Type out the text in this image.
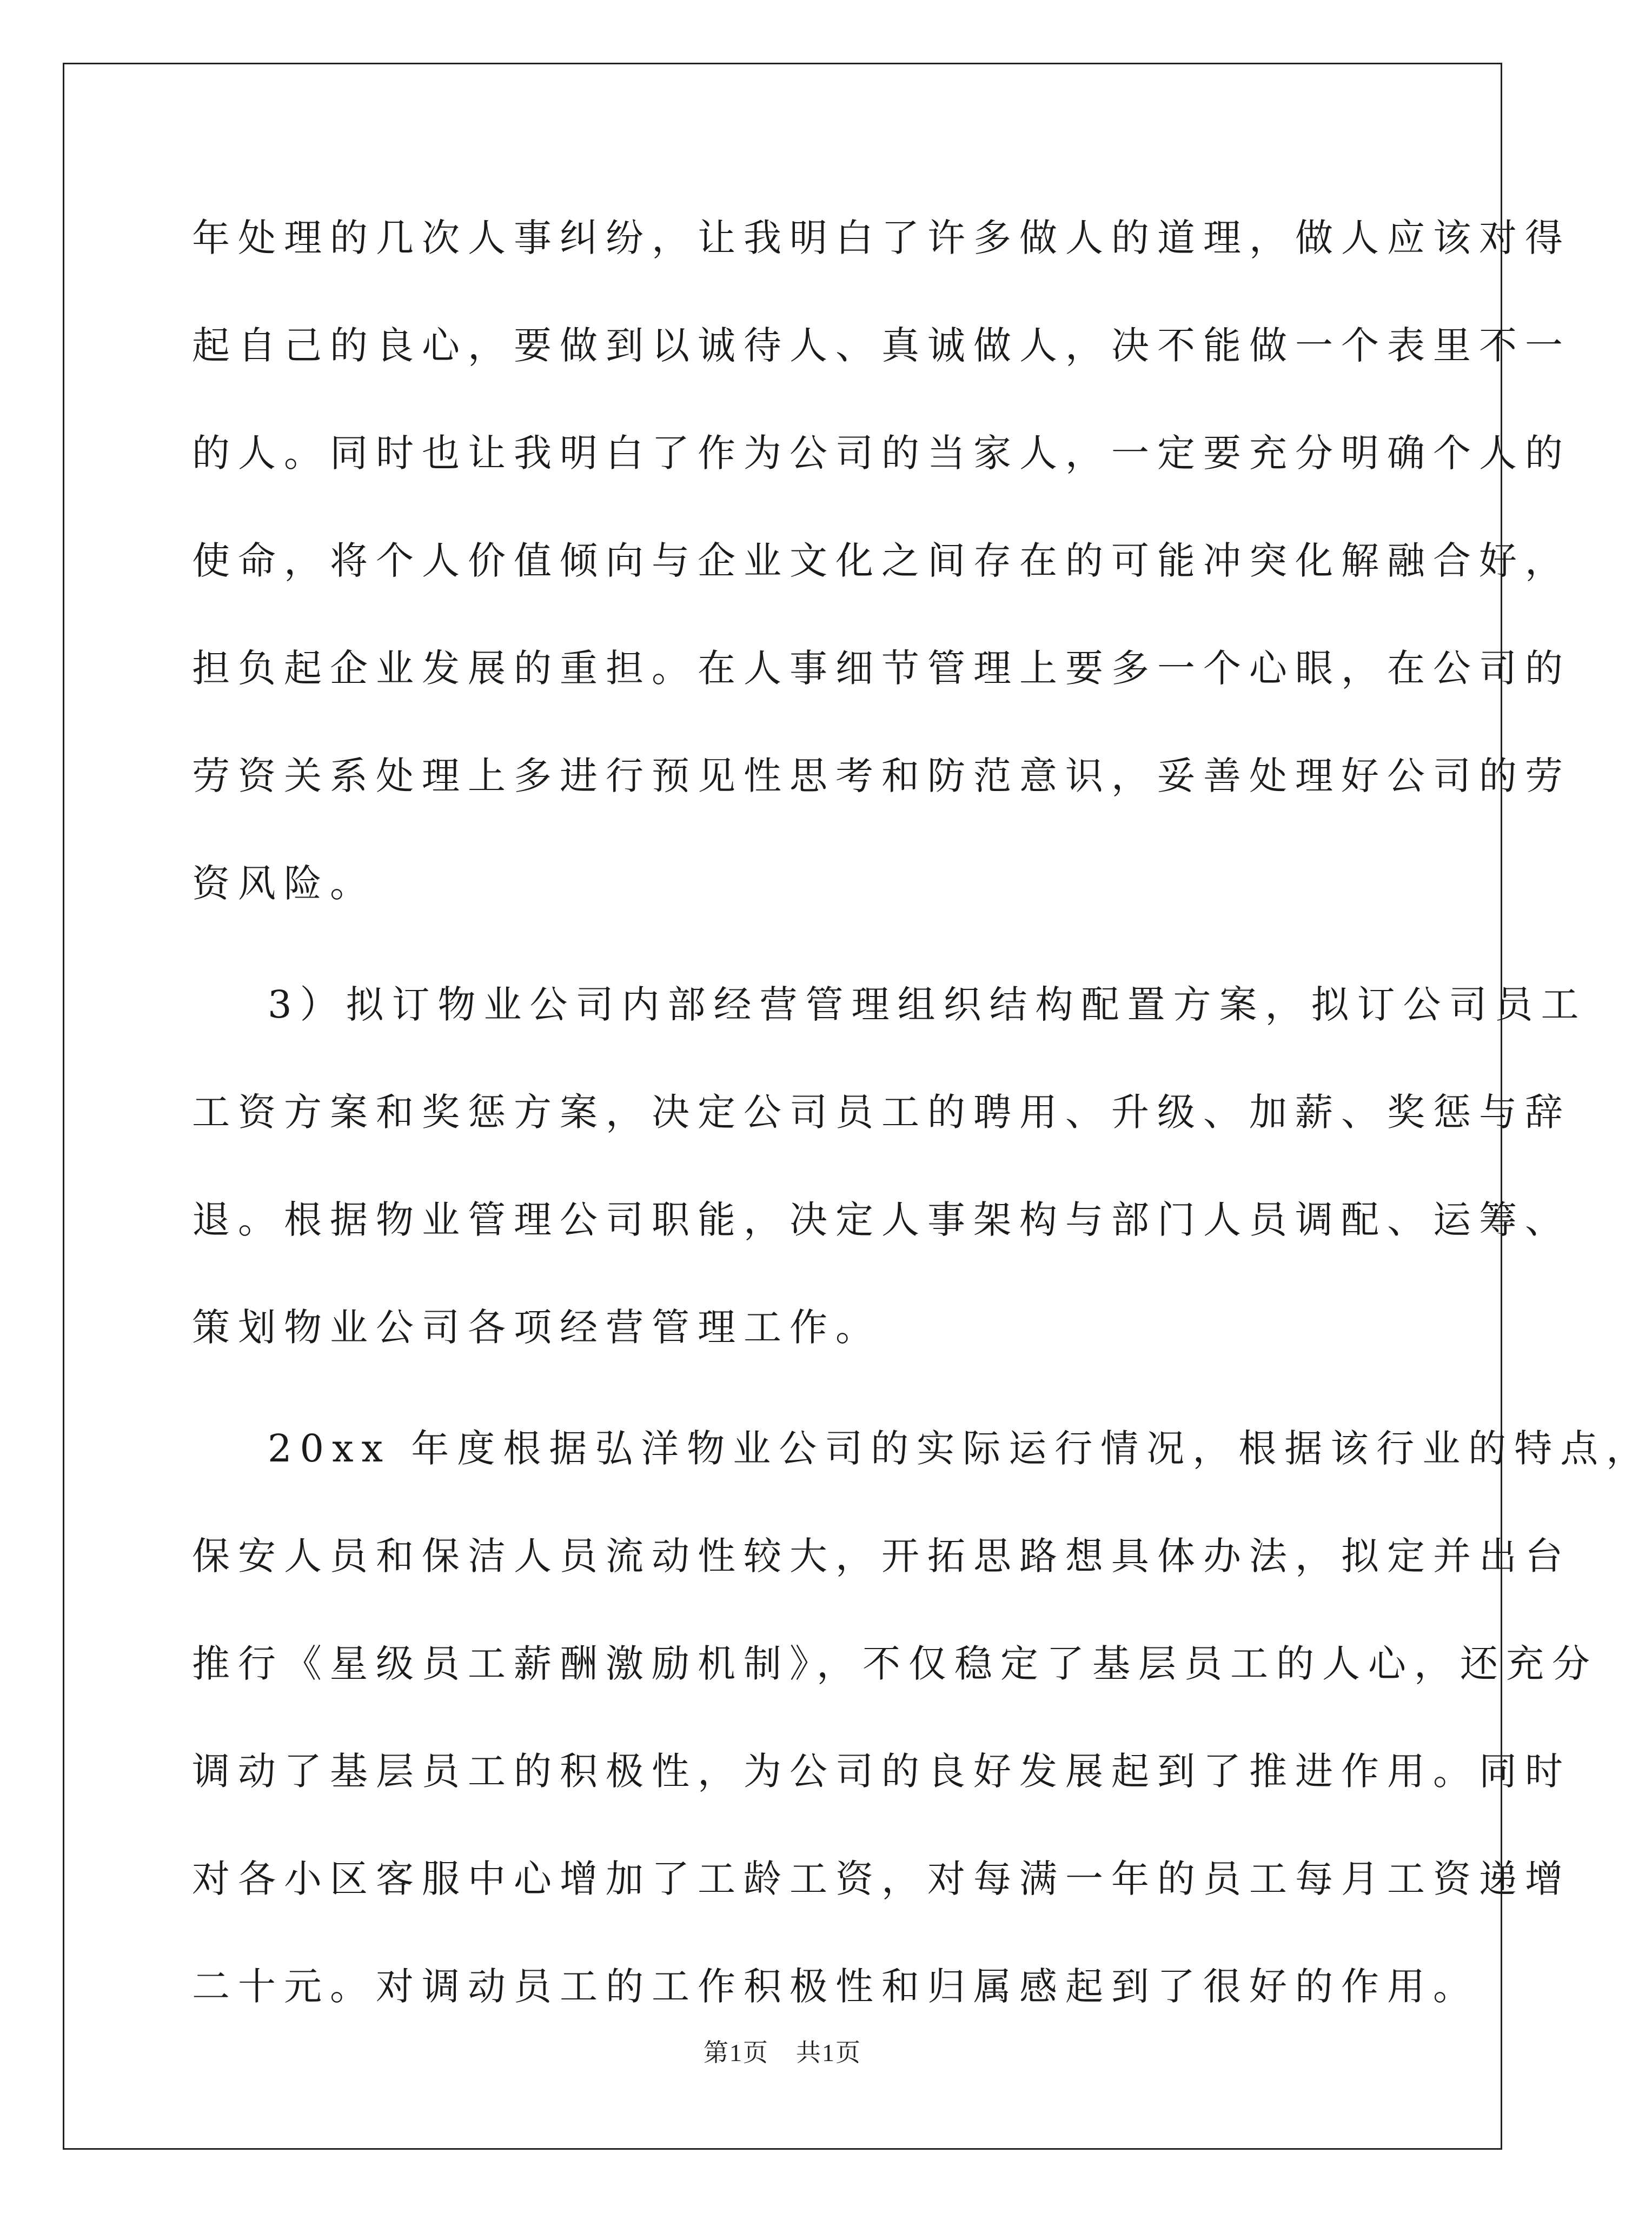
年处理的几次人事纠纷，让我明白了许多做人的道理，做人应该对得
起自己的良心，要做到以诚待人、真诚做人，决不能做一个表里不一
的人。同时也让我明白了作为公司的当家人，一定要充分明确个人的
使命，将个人价值倾向与企业文化之间存在的可能冲突化解融合好，
担负起企业发展的重担。在人事细节管理上要多一个心眼，在公司的
劳资关系处理上多进行预见性思考和防范意识，妥善处理好公司的劳
资风险。
3）拟订物业公司内部经营管理组织结构配置方案，拟订公司员工
工资方案和奖惩方案，决定公司员工的聘用、升级、加薪、奖惩与辞
退。根据物业管理公司职能，决定人事架构与部门人员调配、运筹、
策划物业公司各项经营管理工作。
20xx 年度根据弘洋物业公司的实际运行情况，根据该行业的特点，
保安人员和保洁人员流动性较大，开拓思路想具体办法，拟定并出台
推行《星级员工薪酬激励机制》，不仅稳定了基层员工的人心，还充分
调动了基层员工的积极性，为公司的良好发展起到了推进作用。同时
对各小区客服中心增加了工龄工资，对每满一年的员工每月工资递增
二十元。对调动员工的工作积极性和归属感起到了很好的作用。
第1页 共1页
